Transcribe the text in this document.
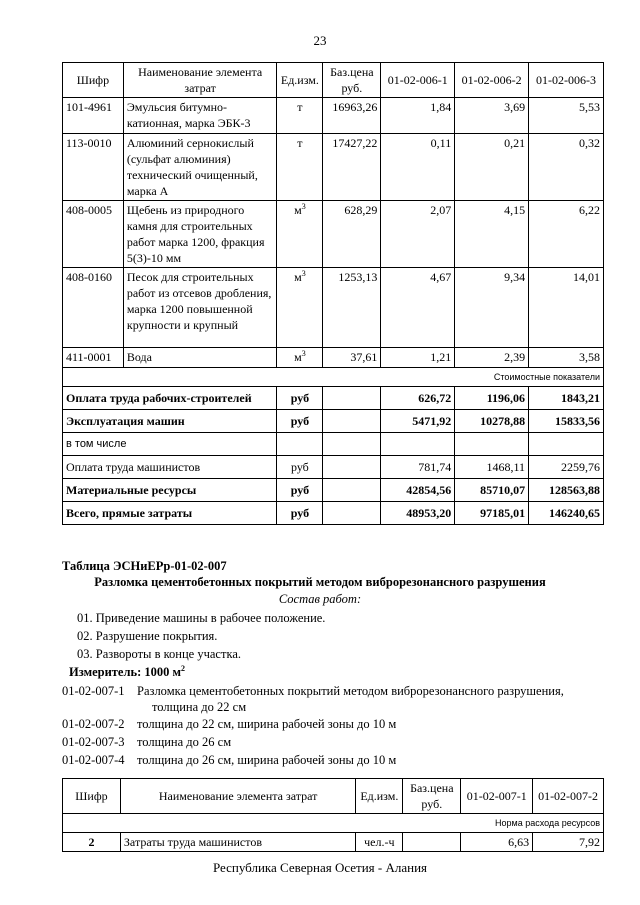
23
Шифр	Наименование элемента затрат	Ед.изм.	Баз.цена руб.	01-02-006-1	01-02-006-2	01-02-006-3
101-4961	Эмульсия битумно-катионная, марка ЭБК-3	т	16963,26	1,84	3,69	5,53
113-0010	Алюминий сернокислый (сульфат алюминия) технический очищенный, марка А	т	17427,22	0,11	0,21	0,32
408-0005	Щебень из природного камня для строительных работ марка 1200, фракция 5(3)-10 мм	$м^3$	628,29	2,07	4,15	6,22
408-0160	Песок для строительных работ из отсевов дробления, марка 1200 повышенной крупности и крупный	$м^3$	1253,13	4,67	9,34	14,01
411-0001	Вода	$м^3$	37,61	1,21	2,39	3,58
				Стоимостные показатели		
Оплата труда рабочих-строителей		руб		626,72	1196,06	1843,21
Эксплуатация машин		руб		5471,92	10278,88	15833,56
в том числе						
Оплата труда машинистов		руб		781,74	1468,11	2259,76
Материальные ресурсы		руб		42854,56	85710,07	128563,88
Всего, прямые затраты		руб		48953,20	97185,01	146240,65
Таблица ЭСНиЕРр-01-02-007
Разломка цементобетонных покрытий методом виброрезонансного разрушения
Состав работ:
01. Приведение машины в рабочее положение.
02. Разрушение покрытия.
03. Развороты в конце участка.
Измеритель: 1000 $м^2$
01-02-007-1 Разломка цементобетонных покрытий методом виброрезонансного разрушения,
толщина до 22 см
01-02-007-2 толщина до 22 см, ширина рабочей зоны до 10 м
01-02-007-3 толщина до 26 см
01-02-007-4 толщина до 26 см, ширина рабочей зоны до 10 м
Шифр	Наименование элемента затрат	Ед.изм.	Баз.цена руб.	01-02-007-1	01-02-007-2
Норма расхода ресурсов					
2	Затраты труда машинистов	чел.-ч		6,63	7,92
Республика Северная Осетия - Алания
